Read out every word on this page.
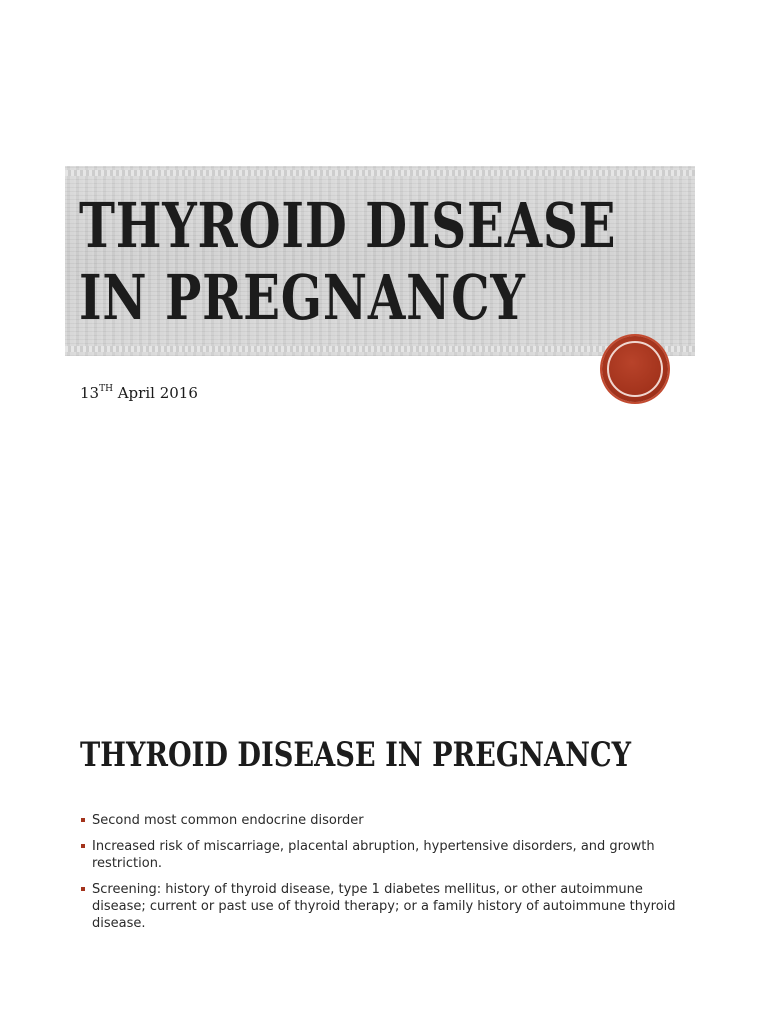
THYROID DISEASE IN PREGNANCY
13TH April 2016
THYROID DISEASE IN PREGNANCY
Second most common endocrine disorder
Increased risk of miscarriage, placental abruption, hypertensive disorders, and growth restriction.
Screening: history of thyroid disease, type 1 diabetes mellitus, or other autoimmune disease; current or past use of thyroid therapy; or a family history of autoimmune thyroid disease.
